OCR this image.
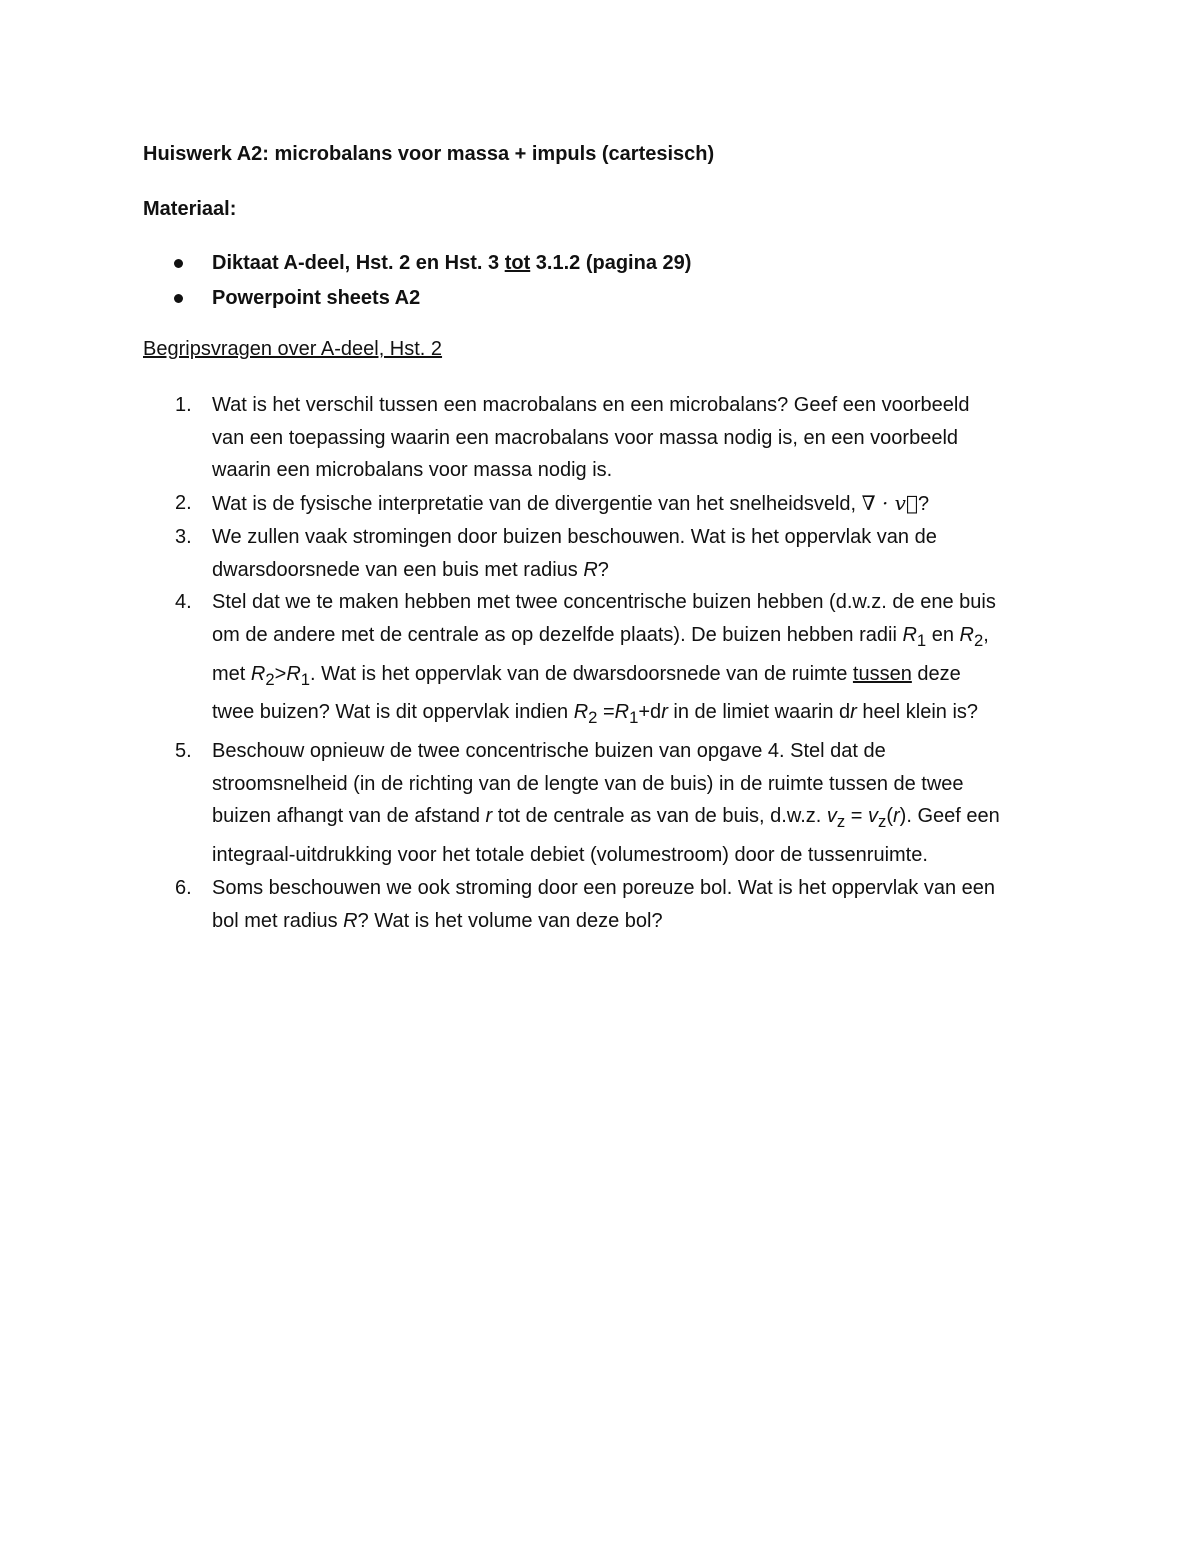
Huiswerk A2: microbalans voor massa + impuls (cartesisch)
Materiaal:
Diktaat A-deel, Hst. 2 en Hst. 3 tot 3.1.2 (pagina 29)
Powerpoint sheets A2
Begripsvragen over A-deel, Hst. 2
1. Wat is het verschil tussen een macrobalans en een microbalans? Geef een voorbeeld
van een toepassing waarin een macrobalans voor massa nodig is, en een voorbeeld
waarin een microbalans voor massa nodig is.
2. Wat is de fysische interpretatie van de divergentie van het snelheidsveld, ∇ · v⃗?
3. We zullen vaak stromingen door buizen beschouwen. Wat is het oppervlak van de
dwarsdoorsnede van een buis met radius R?
4. Stel dat we te maken hebben met twee concentrische buizen hebben (d.w.z. de ene buis
om de andere met de centrale as op dezelfde plaats). De buizen hebben radii $R_1$ en $R_2$,
met $R_2>R_1$. Wat is het oppervlak van de dwarsdoorsnede van de ruimte tussen deze
twee buizen? Wat is dit oppervlak indien $R_2 =R_1+dr$ in de limiet waarin dr heel klein is?
5. Beschouw opnieuw de twee concentrische buizen van opgave 4. Stel dat de
stroomsnelheid (in de richting van de lengte van de buis) in de ruimte tussen de twee
buizen afhangt van de afstand r tot de centrale as van de buis, d.w.z. $v_z = v_z(r)$. Geef een
integraal-uitdrukking voor het totale debiet (volumestroom) door de tussenruimte.
6. Soms beschouwen we ook stroming door een poreuze bol. Wat is het oppervlak van een
bol met radius R? Wat is het volume van deze bol?
